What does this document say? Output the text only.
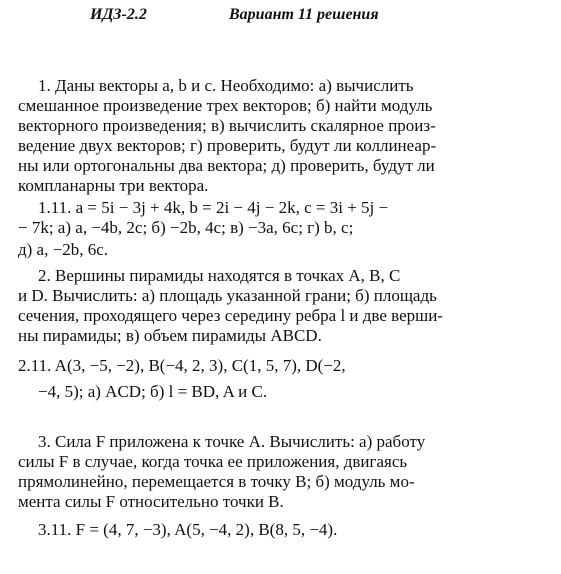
ИДЗ-2.2	Вариант 11 решения
1. Даны векторы a, b и c. Необходимо: а) вычислить
смешанное произведение трех векторов; б) найти модуль
векторного произведения; в) вычислить скалярное произ-
ведение двух векторов; г) проверить, будут ли коллинеар-
ны или ортогональны два вектора; д) проверить, будут ли
компланарны три вектора.
1.11. a = 5i − 3j + 4k, b = 2i − 4j − 2k, c = 3i + 5j −
− 7k; а) a, −4b, 2c; б) −2b, 4c; в) −3a, 6c; г) b, c;
д) a, −2b, 6c.
2. Вершины пирамиды находятся в точках A, B, C
и D. Вычислить: а) площадь указанной грани; б) площадь
сечения, проходящего через середину ребра l и две верши-
ны пирамиды; в) объем пирамиды ABCD.
2.11. A(3, −5, −2), B(−4, 2, 3), C(1, 5, 7), D(−2,
−4, 5); а) ACD; б) l = BD, A и C.
3. Сила F приложена к точке A. Вычислить: а) работу
силы F в случае, когда точка ее приложения, двигаясь
прямолинейно, перемещается в точку B; б) модуль мо-
мента силы F относительно точки B.
3.11. F = (4, 7, −3), A(5, −4, 2), B(8, 5, −4).
